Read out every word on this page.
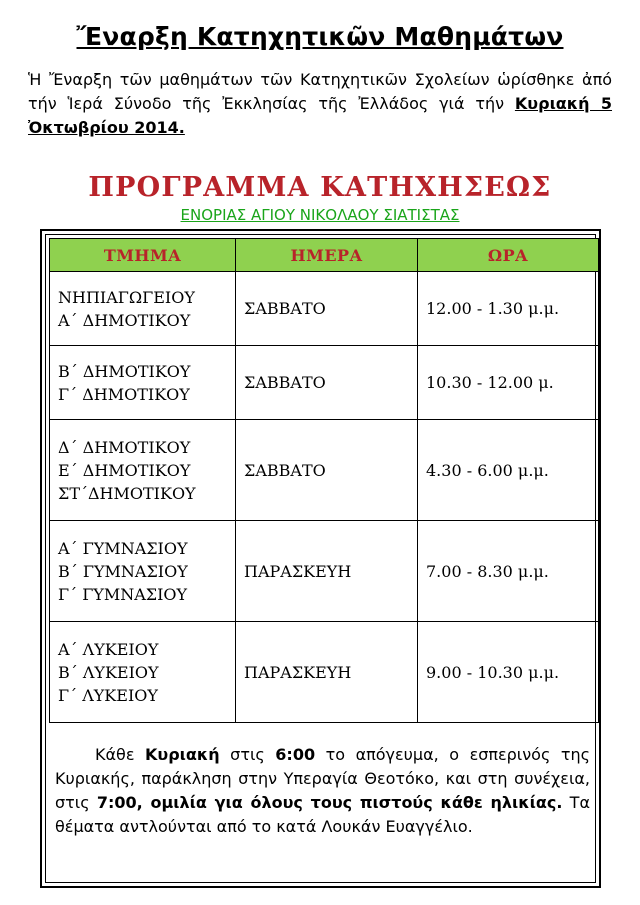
Ἔναρξη Κατηχητικῶν Μαθημάτων
Ἡ Ἔναρξη τῶν μαθημάτων τῶν Κατηχητικῶν Σχολείων ὡρίσθηκε ἀπό τήν Ἱερά Σύνοδο τῆς Ἐκκλησίας τῆς Ἐλλάδος γιά τήν Κυριακή 5 Ὀκτωβρίου 2014.
ΠΡΟΓΡΑΜΜΑ ΚΑΤΗΧΗΣΕΩΣ
ΕΝΟΡΙΑΣ ΑΓΙΟΥ ΝΙΚΟΛΑΟΥ ΣΙΑΤΙΣΤΑΣ
ΤΜΗΜΑ	ΗΜΕΡΑ	ΩΡΑ

ΝΗΠΙΑΓΩΓΕΙΟΥ
Α΄ ΔΗΜΟΤΙΚΟΥ	ΣΑΒΒΑΤΟ	12.00 - 1.30 μ.μ.

Β΄ ΔΗΜΟΤΙΚΟΥ
Γ΄ ΔΗΜΟΤΙΚΟΥ	ΣΑΒΒΑΤΟ	10.30 - 12.00 μ.

Δ΄ ΔΗΜΟΤΙΚΟΥ
Ε΄ ΔΗΜΟΤΙΚΟΥ
ΣΤ΄ΔΗΜΟΤΙΚΟΥ	ΣΑΒΒΑΤΟ	4.30 - 6.00 μ.μ.

Α΄ ΓΥΜΝΑΣΙΟΥ
Β΄ ΓΥΜΝΑΣΙΟΥ
Γ΄ ΓΥΜΝΑΣΙΟΥ	ΠΑΡΑΣΚΕΥΗ	7.00 - 8.30 μ.μ.

Α΄ ΛΥΚΕΙΟΥ
Β΄ ΛΥΚΕΙΟΥ
Γ΄ ΛΥΚΕΙΟΥ	ΠΑΡΑΣΚΕΥΗ	9.00 - 10.30 μ.μ.
Κάθε Κυριακή στις 6:00 το απόγευμα, ο εσπερινός της Κυριακής, παράκληση στην Υπεραγία Θεοτόκο, και στη συνέχεια, στις 7:00, ομιλία για όλους τους πιστούς κάθε ηλικίας. Τα θέματα αντλούνται από το κατά Λουκάν Ευαγγέλιο.
